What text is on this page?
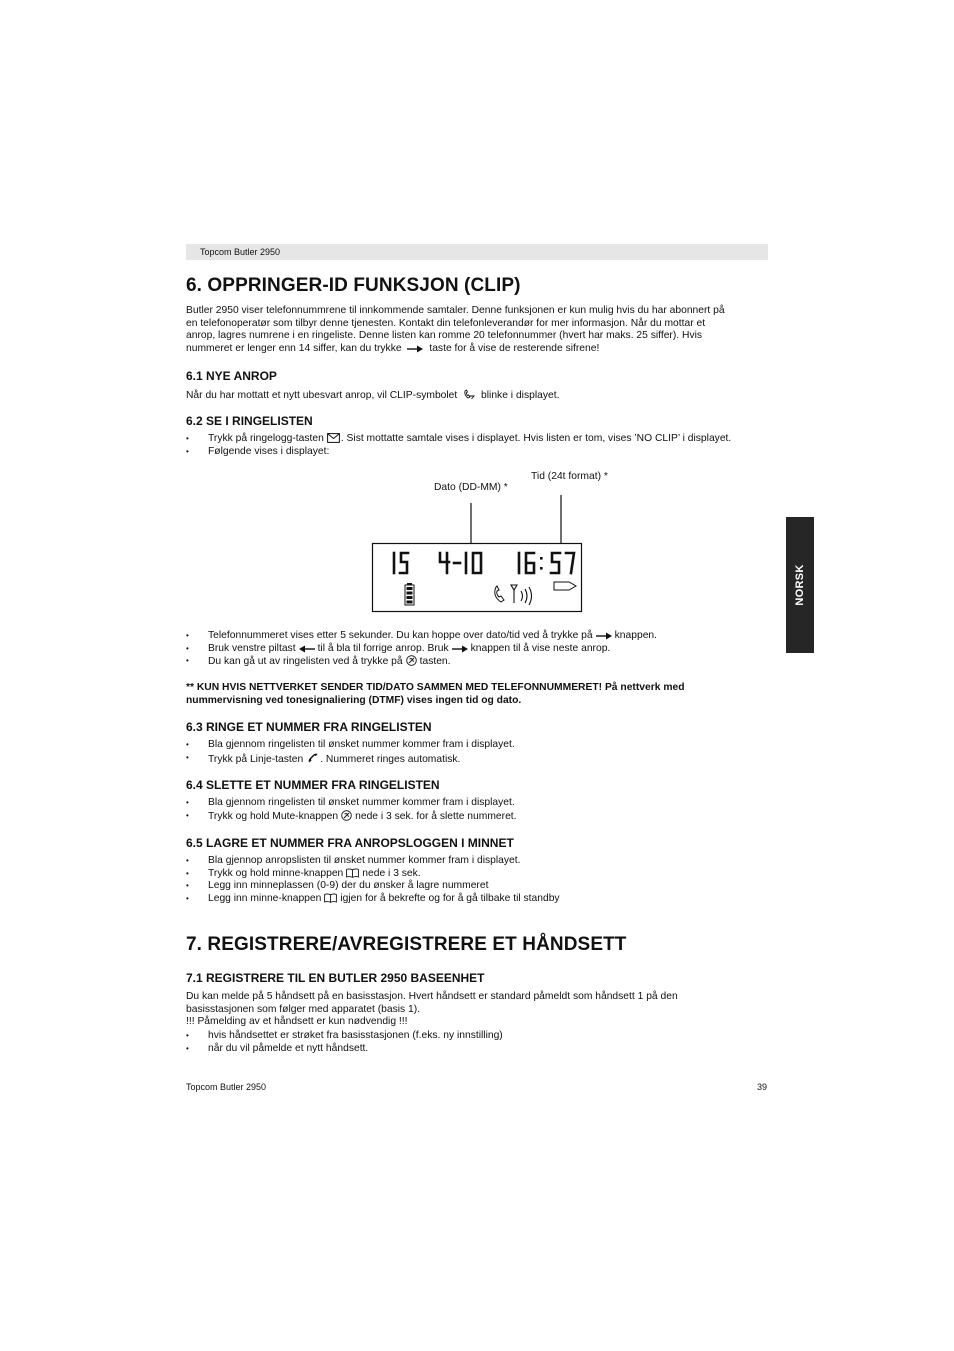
Topcom Butler 2950
NORSK
6. OPPRINGER-ID FUNKSJON (CLIP)
Butler 2950 viser telefonnummrene til innkommende samtaler. Denne funksjonen er kun mulig hvis du har abonnert på
en telefonoperatør som tilbyr denne tjenesten. Kontakt din telefonleverandør for mer informasjon. Når du mottar et
anrop, lagres numrene i en ringeliste. Denne listen kan romme 20 telefonnummer (hvert har maks. 25 siffer). Hvis
nummeret er lenger enn 14 siffer, kan du trykke	taste for å vise de resterende sifrene!
6.1 NYE ANROP
Når du har mottatt et nytt ubesvart anrop, vil CLIP-symbolet blinke i displayet.
6.2 SE I RINGELISTEN
• Trykk på ringelogg-tasten . Sist mottatte samtale vises i displayet. Hvis listen er tom, vises ’NO CLIP’ i displayet.
• Følgende vises i displayet:
Tid (24t format) *
Dato (DD-MM) *
• Telefonnummeret vises etter 5 sekunder. Du kan hoppe over dato/tid ved å trykke på knappen.
• Bruk venstre piltast til å bla til forrige anrop. Bruk knappen til å vise neste anrop.
• Du kan gå ut av ringelisten ved å trykke på tasten.
** KUN HVIS NETTVERKET SENDER TID/DATO SAMMEN MED TELEFONNUMMERET! På nettverk med
nummervisning ved tonesignaliering (DTMF) vises ingen tid og dato.
6.3 RINGE ET NUMMER FRA RINGELISTEN
• Bla gjennom ringelisten til ønsket nummer kommer fram i displayet.
• Trykk på Linje-tasten . Nummeret ringes automatisk.
6.4 SLETTE ET NUMMER FRA RINGELISTEN
• Bla gjennom ringelisten til ønsket nummer kommer fram i displayet.
• Trykk og hold Mute-knappen nede i 3 sek. for å slette nummeret.
6.5 LAGRE ET NUMMER FRA ANROPSLOGGEN I MINNET
• Bla gjennop anropslisten til ønsket nummer kommer fram i displayet.
• Trykk og hold minne-knappen nede i 3 sek.
• Legg inn minneplassen (0-9) der du ønsker å lagre nummeret
• Legg inn minne-knappen igjen for å bekrefte og for å gå tilbake til standby
7. REGISTRERE/AVREGISTRERE ET HÅNDSETT
7.1 REGISTRERE TIL EN BUTLER 2950 BASEENHET
Du kan melde på 5 håndsett på en basisstasjon. Hvert håndsett er standard påmeldt som håndsett 1 på den
basisstasjonen som følger med apparatet (basis 1).
!!! Påmelding av et håndsett er kun nødvendig !!!
• hvis håndsettet er strøket fra basisstasjonen (f.eks. ny innstilling)
• når du vil påmelde et nytt håndsett.
Topcom Butler 2950	39
